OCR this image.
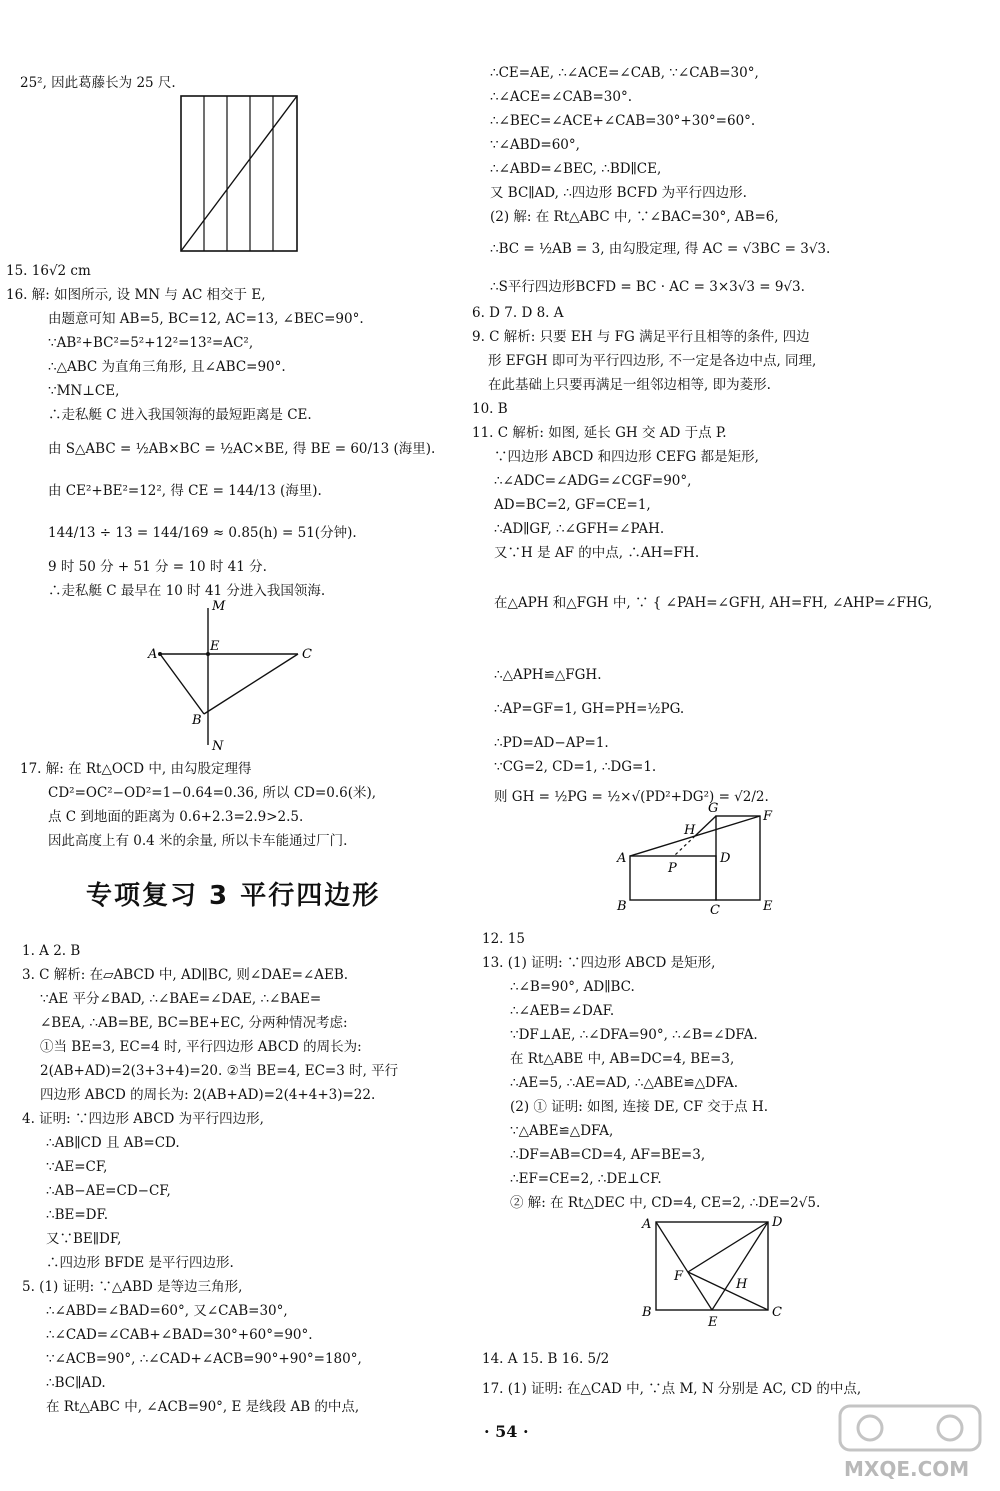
25², 因此葛藤长为 25 尺.
15. 16√2 cm
16. 解: 如图所示, 设 MN 与 AC 相交于 E,
由题意可知 AB=5, BC=12, AC=13, ∠BEC=90°.
∵AB²+BC²=5²+12²=13²=AC²,
∴△ABC 为直角三角形, 且∠ABC=90°.
∵MN⊥CE,
∴走私艇 C 进入我国领海的最短距离是 CE.
由 S△ABC = ½AB×BC = ½AC×BE, 得 BE = 60/13 (海里).
由 CE²+BE²=12², 得 CE = 144/13 (海里).
144/13 ÷ 13 = 144/169 ≈ 0.85(h) = 51(分钟).
9 时 50 分 + 51 分 = 10 时 41 分.
∴走私艇 C 最早在 10 时 41 分进入我国领海.
M
A
E
C
B
N
17. 解: 在 Rt△OCD 中, 由勾股定理得
CD²=OC²−OD²=1−0.64=0.36, 所以 CD=0.6(米),
点 C 到地面的距离为 0.6+2.3=2.9>2.5.
因此高度上有 0.4 米的余量, 所以卡车能通过厂门.
1. A 2. B
3. C 解析: 在▱ABCD 中, AD∥BC, 则∠DAE=∠AEB.
∵AE 平分∠BAD, ∴∠BAE=∠DAE, ∴∠BAE=
∠BEA, ∴AB=BE, BC=BE+EC, 分两种情况考虑:
①当 BE=3, EC=4 时, 平行四边形 ABCD 的周长为:
2(AB+AD)=2(3+3+4)=20. ②当 BE=4, EC=3 时, 平行
四边形 ABCD 的周长为: 2(AB+AD)=2(4+4+3)=22.
4. 证明: ∵四边形 ABCD 为平行四边形,
∴AB∥CD 且 AB=CD.
∵AE=CF,
∴AB−AE=CD−CF,
∴BE=DF.
又∵BE∥DF,
∴四边形 BFDE 是平行四边形.
5. (1) 证明: ∵△ABD 是等边三角形,
∴∠ABD=∠BAD=60°, 又∠CAB=30°,
∴∠CAD=∠CAB+∠BAD=30°+60°=90°.
∵∠ACB=90°, ∴∠CAD+∠ACB=90°+90°=180°,
∴BC∥AD.
在 Rt△ABC 中, ∠ACB=90°, E 是线段 AB 的中点,
专项复习 3 平行四边形
∴CE=AE, ∴∠ACE=∠CAB, ∵∠CAB=30°,
∴∠ACE=∠CAB=30°.
∴∠BEC=∠ACE+∠CAB=30°+30°=60°.
∵∠ABD=60°,
∴∠ABD=∠BEC, ∴BD∥CE,
又 BC∥AD, ∴四边形 BCFD 为平行四边形.
(2) 解: 在 Rt△ABC 中, ∵∠BAC=30°, AB=6,
∴BC = ½AB = 3, 由勾股定理, 得 AC = √3BC = 3√3.
∴S平行四边形BCFD = BC · AC = 3×3√3 = 9√3.
6. D 7. D 8. A
9. C 解析: 只要 EH 与 FG 满足平行且相等的条件, 四边
形 EFGH 即可为平行四边形, 不一定是各边中点, 同理,
在此基础上只要再满足一组邻边相等, 即为菱形.
10. B
11. C 解析: 如图, 延长 GH 交 AD 于点 P.
∵四边形 ABCD 和四边形 CEFG 都是矩形,
∴∠ADC=∠ADG=∠CGF=90°,
AD=BC=2, GF=CE=1,
∴AD∥GF, ∴∠GFH=∠PAH.
又∵H 是 AF 的中点, ∴AH=FH.
在△APH 和△FGH 中, ∵ { ∠PAH=∠GFH, AH=FH, ∠AHP=∠FHG,
∴△APH≌△FGH.
∴AP=GF=1, GH=PH=½PG.
∴PD=AD−AP=1.
∵CG=2, CD=1, ∴DG=1.
则 GH = ½PG = ½×√(PD²+DG²) = √2/2.
G
F
H
A	D
P
B	C	E
12. 15
13. (1) 证明: ∵四边形 ABCD 是矩形,
∴∠B=90°, AD∥BC.
∴∠AEB=∠DAF.
∵DF⊥AE, ∴∠DFA=90°, ∴∠B=∠DFA.
在 Rt△ABE 中, AB=DC=4, BE=3,
∴AE=5, ∴AE=AD, ∴△ABE≌△DFA.
(2) ① 证明: 如图, 连接 DE, CF 交于点 H.
∵△ABE≌△DFA,
∴DF=AB=CD=4, AF=BE=3,
∴EF=CE=2, ∴DE⊥CF.
② 解: 在 Rt△DEC 中, CD=4, CE=2, ∴DE=2√5.
A	D
F
H
B
E
C
14. A 15. B 16. 5/2
17. (1) 证明: 在△CAD 中, ∵点 M, N 分别是 AC, CD 的中点,
· 54 ·
MXQE.COM
